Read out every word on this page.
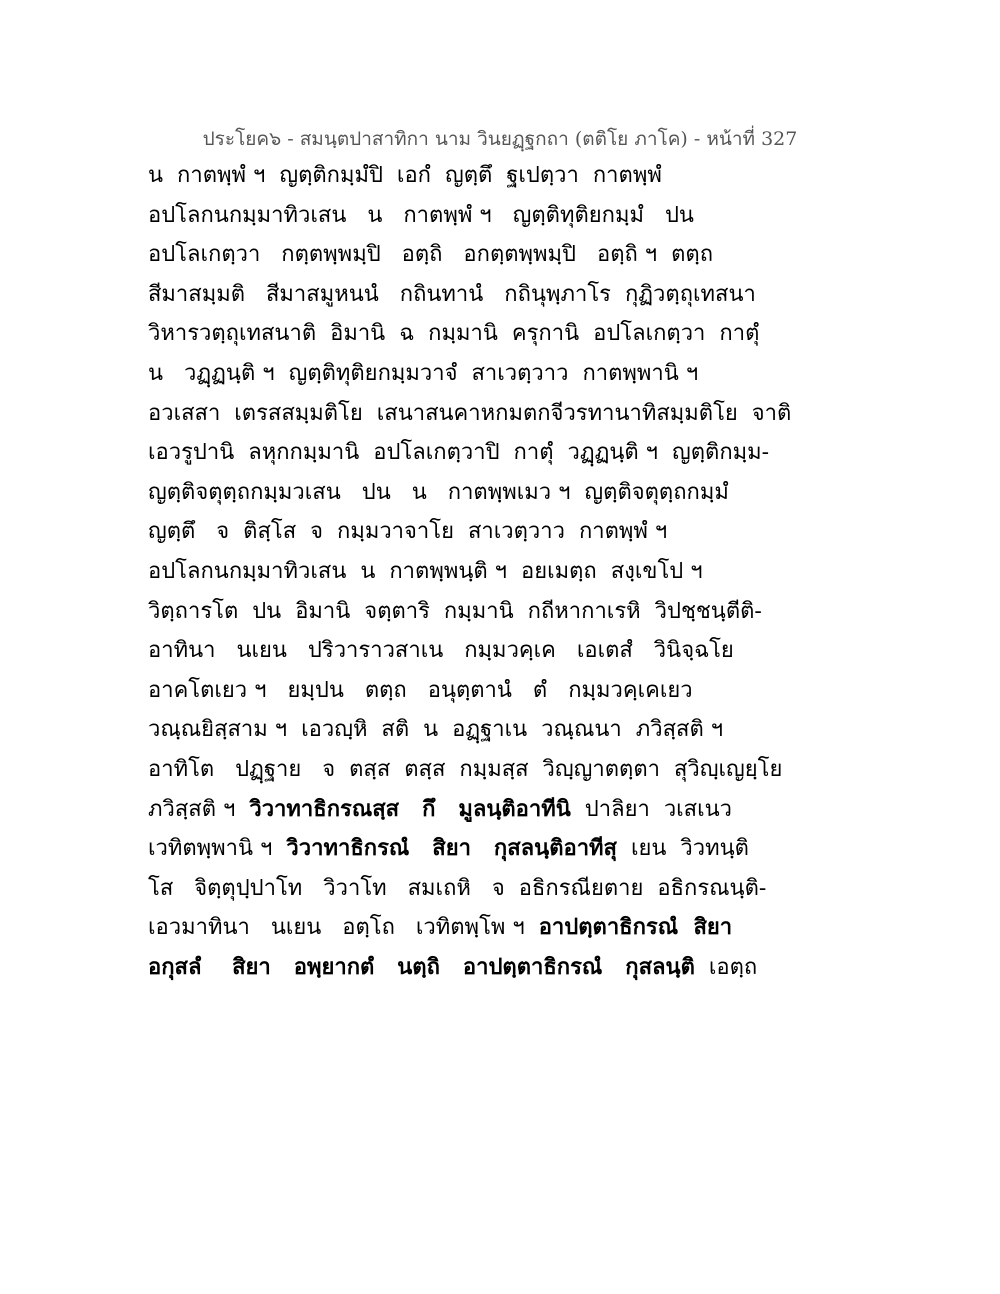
ประโยค๖ - สมนฺตปาสาทิกา นาม วินยฏฺฐกถา (ตติโย ภาโค) - หน้าที่ 327
น  กาตพฺพํ ฯ  ญตฺติกมฺมํปิ  เอกํ  ญตฺตึ  ฐเปตฺวา  กาตพฺพํ
อปโลกนกมฺมาทิวเสน   น   กาตพฺพํ ฯ   ญตฺติทุติยกมฺมํ   ปน
อปโลเกตฺวา   กตฺตพฺพมฺปิ   อตฺถิ   อกตฺตพฺพมฺปิ   อตฺถิ ฯ  ตตฺถ
สีมาสมฺมติ   สีมาสมูหนนํ   กถินทานํ   กถินุพฺภาโร  กุฏิวตฺถุเทสนา
วิหารวตฺถุเทสนาติ  อิมานิ  ฉ  กมฺมานิ  ครุกานิ  อปโลเกตฺวา  กาตุํ
น   วฏฺฏนฺติ ฯ  ญตฺติทุติยกมฺมวาจํ  สาเวตฺวาว  กาตพฺพานิ ฯ
อวเสสา  เตรสสมฺมติโย  เสนาสนคาหกมตกจีวรทานาทิสมฺมติโย  จาติ
เอวรูปานิ  ลหุกกมฺมานิ  อปโลเกตฺวาปิ  กาตุํ  วฏฺฏนฺติ ฯ  ญตฺติกมฺม-
ญตฺติจตุตฺถกมฺมวเสน   ปน   น   กาตพฺพเมว ฯ  ญตฺติจตุตฺถกมฺมํ
ญตฺตึ   จ  ติสฺโส  จ  กมฺมวาจาโย  สาเวตฺวาว  กาตพฺพํ ฯ
อปโลกนกมฺมาทิวเสน  น  กาตพฺพนฺติ ฯ  อยเมตฺถ  สงฺเขโป ฯ
วิตฺถารโต  ปน  อิมานิ  จตฺตาริ  กมฺมานิ  กถีหากาเรหิ  วิปชฺชนฺตีติ-
อาทินา   นเยน   ปริวาราวสาเน   กมฺมวคฺเค   เอเตสํ   วินิจฺฉโย
อาคโตเยว ฯ   ยมฺปน   ตตฺถ   อนุตฺตานํ   ตํ   กมฺมวคฺเคเยว
วณฺณยิสฺสาม ฯ  เอวญฺหิ  สติ  น  อฏฺฐาเน  วณฺณนา  ภวิสฺสติ ฯ
อาทิโต   ปฏฺฐาย   จ  ตสฺส  ตสฺส  กมฺมสฺส  วิญฺญาตตฺตา  สุวิญฺเญยฺโย
ภวิสฺสติ ฯ  วิวาทาธิกรณสฺส   กึ   มูลนฺติอาทีนิ  ปาลิยา  วเสเนว
เวทิตพฺพานิ ฯ  วิวาทาธิกรณํ   สิยา   กุสลนฺติอาทีสุ  เยน  วิวทนฺติ
โส   จิตฺตุปฺปาโท   วิวาโท   สมเถหิ   จ  อธิกรณียตาย  อธิกรณนฺติ-
เอวมาทินา   นเยน   อตฺโถ   เวทิตพฺโพ ฯ  อาปตฺตาธิกรณํ  สิยา
อกุสลํ    สิยา   อพฺยากตํ   นตฺถิ   อาปตฺตาธิกรณํ   กุสลนฺติ  เอตฺถ
